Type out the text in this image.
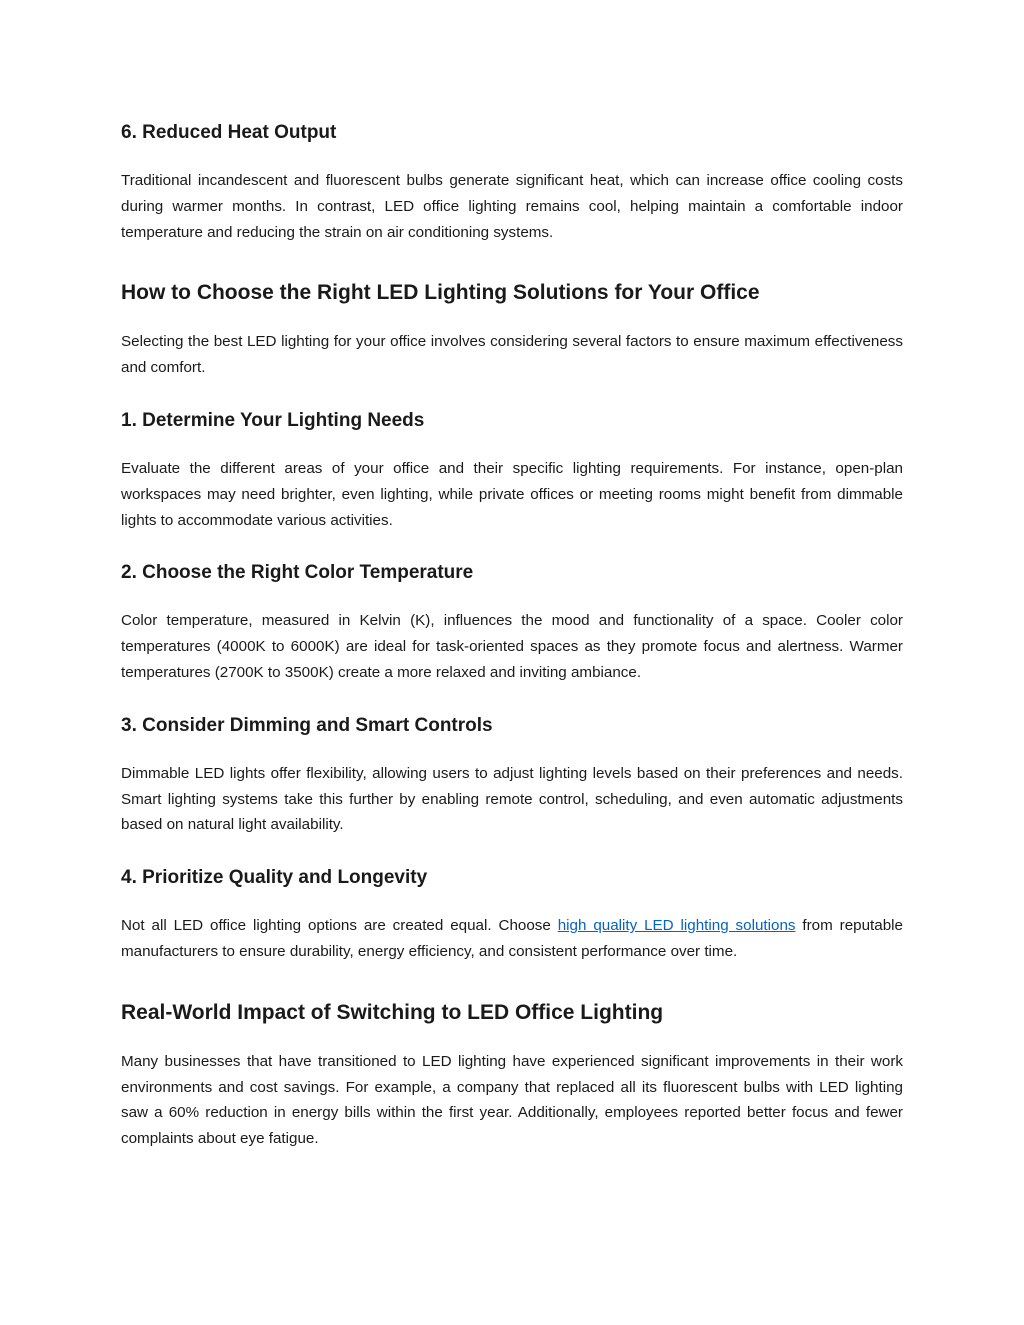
6. Reduced Heat Output

Traditional incandescent and fluorescent bulbs generate significant heat, which can increase office cooling costs during warmer months. In contrast, LED office lighting remains cool, helping maintain a comfortable indoor temperature and reducing the strain on air conditioning systems.

How to Choose the Right LED Lighting Solutions for Your Office

Selecting the best LED lighting for your office involves considering several factors to ensure maximum effectiveness and comfort.

1. Determine Your Lighting Needs

Evaluate the different areas of your office and their specific lighting requirements. For instance, open-plan workspaces may need brighter, even lighting, while private offices or meeting rooms might benefit from dimmable lights to accommodate various activities.

2. Choose the Right Color Temperature

Color temperature, measured in Kelvin (K), influences the mood and functionality of a space. Cooler color temperatures (4000K to 6000K) are ideal for task-oriented spaces as they promote focus and alertness. Warmer temperatures (2700K to 3500K) create a more relaxed and inviting ambiance.

3. Consider Dimming and Smart Controls

Dimmable LED lights offer flexibility, allowing users to adjust lighting levels based on their preferences and needs. Smart lighting systems take this further by enabling remote control, scheduling, and even automatic adjustments based on natural light availability.

4. Prioritize Quality and Longevity

Not all LED office lighting options are created equal. Choose high quality LED lighting solutions from reputable manufacturers to ensure durability, energy efficiency, and consistent performance over time.

Real-World Impact of Switching to LED Office Lighting

Many businesses that have transitioned to LED lighting have experienced significant improvements in their work environments and cost savings. For example, a company that replaced all its fluorescent bulbs with LED lighting saw a 60% reduction in energy bills within the first year. Additionally, employees reported better focus and fewer complaints about eye fatigue.
